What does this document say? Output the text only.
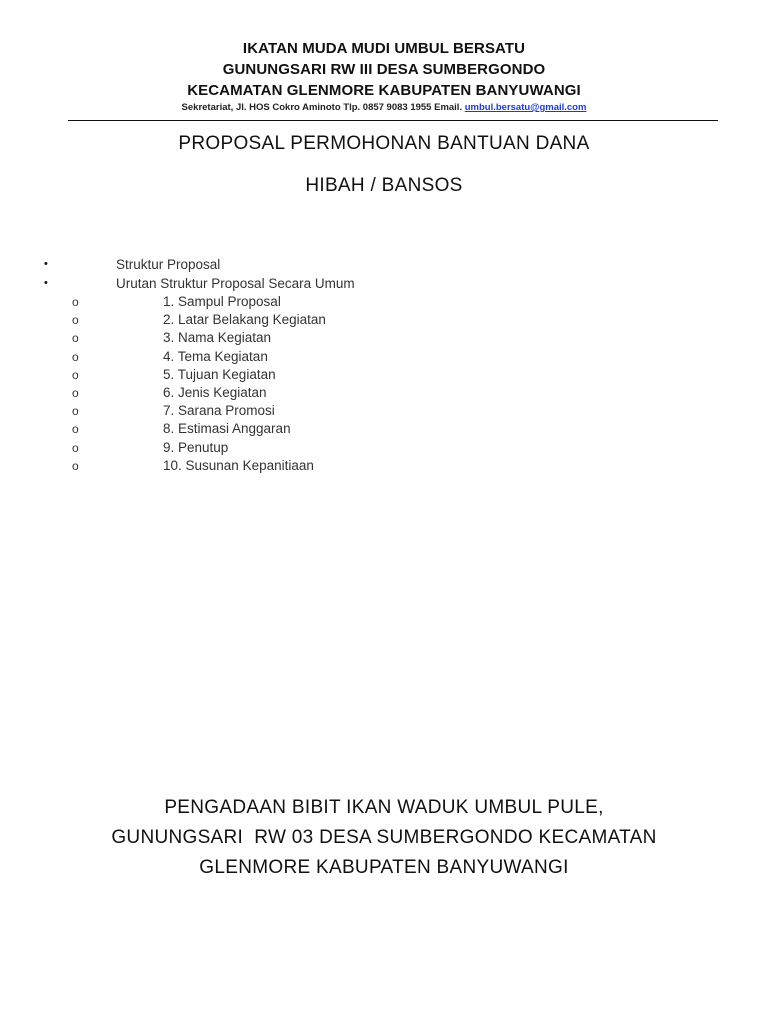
IKATAN MUDA MUDI UMBUL BERSATU
GUNUNGSARI RW III DESA SUMBERGONDO
KECAMATAN GLENMORE KABUPATEN BANYUWANGI
Sekretariat, Jl. HOS Cokro Aminoto Tlp. 0857 9083 1955 Email. umbul.bersatu@gmail.com
PROPOSAL PERMOHONAN BANTUAN DANA
HIBAH / BANSOS
•	Struktur Proposal
•	Urutan Struktur Proposal Secara Umum
o	1. Sampul Proposal
o	2. Latar Belakang Kegiatan
o	3. Nama Kegiatan
o	4. Tema Kegiatan
o	5. Tujuan Kegiatan
o	6. Jenis Kegiatan
o	7. Sarana Promosi
o	8. Estimasi Anggaran
o	9. Penutup
o	10. Susunan Kepanitiaan
PENGADAAN BIBIT IKAN WADUK UMBUL PULE,
GUNUNGSARI  RW 03 DESA SUMBERGONDO KECAMATAN
GLENMORE KABUPATEN BANYUWANGI
